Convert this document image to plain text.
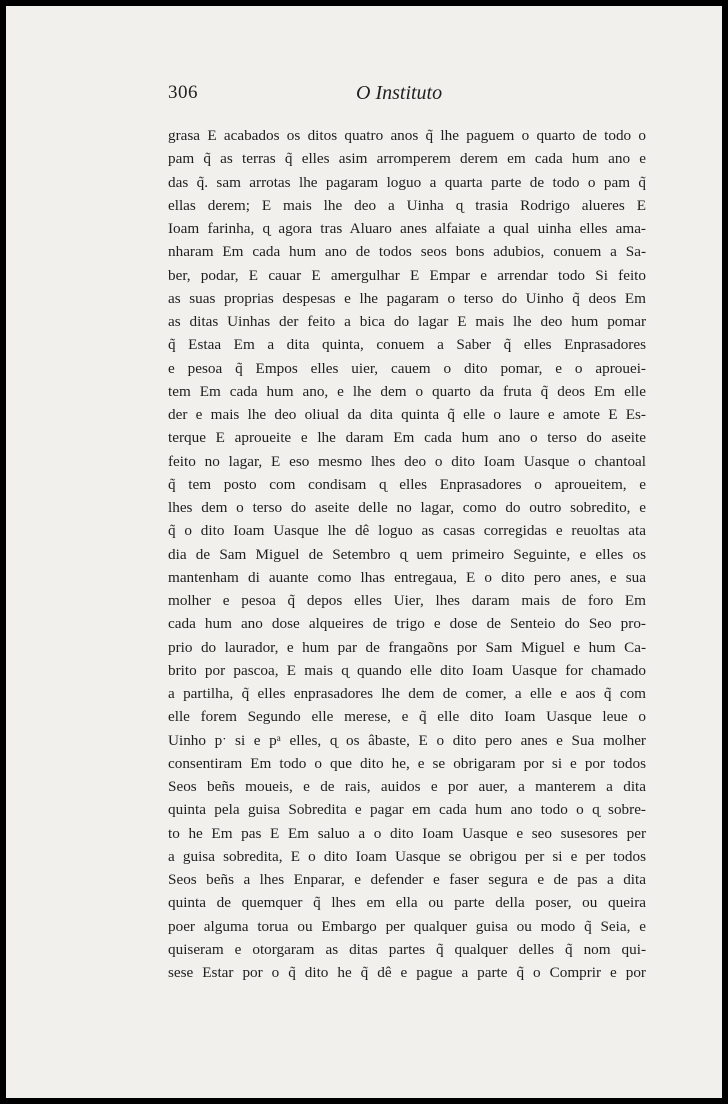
306	O Instituto
grasa E acabados os ditos quatro anos q̃ lhe paguem o quarto de todo o
pam q̃ as terras q̃ elles asim arromperem derem em cada hum ano e
das q̃. sam arrotas lhe pagaram loguo a quarta parte de todo o pam q̃
ellas derem; E mais lhe deo a Uinha ɋ trasia Rodrigo alueres E
Ioam farinha, ɋ agora tras Aluaro anes alfaiate a qual uinha elles ama-
nharam Em cada hum ano de todos seos bons adubios, conuem a Sa-
ber, podar, E cauar E amergulhar E Empar e arrendar todo Si feito
as suas proprias despesas e lhe pagaram o terso do Uinho q̃ deos Em
as ditas Uinhas der feito a bica do lagar E mais lhe deo hum pomar
q̃ Estaa Em a dita quinta, conuem a Saber q̃ elles Enprasadores
e pesoa q̃ Empos elles uier, cauem o dito pomar, e o aprouei-
tem Em cada hum ano, e lhe dem o quarto da fruta q̃ deos Em elle
der e mais lhe deo oliual da dita quinta q̃ elle o laure e amote E Es-
terque E aproueite e lhe daram Em cada hum ano o terso do aseite
feito no lagar, E eso mesmo lhes deo o dito Ioam Uasque o chantoal
q̃ tem posto com condisam ɋ elles Enprasadores o aproueitem, e
lhes dem o terso do aseite delle no lagar, como do outro sobredito, e
q̃ o dito Ioam Uasque lhe dê loguo as casas corregidas e reuoltas ata
dia de Sam Miguel de Setembro ɋ uem primeiro Seguinte, e elles os
mantenham di auante como lhas entregaua, E o dito pero anes, e sua
molher e pesoa q̃ depos elles Uier, lhes daram mais de foro Em
cada hum ano dose alqueires de trigo e dose de Senteio do Seo pro-
prio do laurador, e hum par de frangaõns por Sam Miguel e hum Ca-
brito por pascoa, E mais ɋ quando elle dito Ioam Uasque for chamado
a partilha, q̃ elles enprasadores lhe dem de comer, a elle e aos q̃ com
elle forem Segundo elle merese, e q̃ elle dito Ioam Uasque leue o
Uinho pˑ si e pᵃ elles, ɋ os âbaste, E o dito pero anes e Sua molher
consentiram Em todo o que dito he, e se obrigaram por si e por todos
Seos beñs moueis, e de rais, auidos e por auer, a manterem a dita
quinta pela guisa Sobredita e pagar em cada hum ano todo o ɋ sobre-
to he Em pas E Em saluo a o dito Ioam Uasque e seo susesores per
a guisa sobredita, E o dito Ioam Uasque se obrigou per si e per todos
Seos beñs a lhes Enparar, e defender e faser segura e de pas a dita
quinta de quemquer q̃ lhes em ella ou parte della poser, ou queira
poer alguma torua ou Embargo per qualquer guisa ou modo q̃ Seia, e
quiseram e otorgaram as ditas partes q̃ qualquer delles q̃ nom qui-
sese Estar por o q̃ dito he q̃ dê e pague a parte q̃ o Comprir e por
